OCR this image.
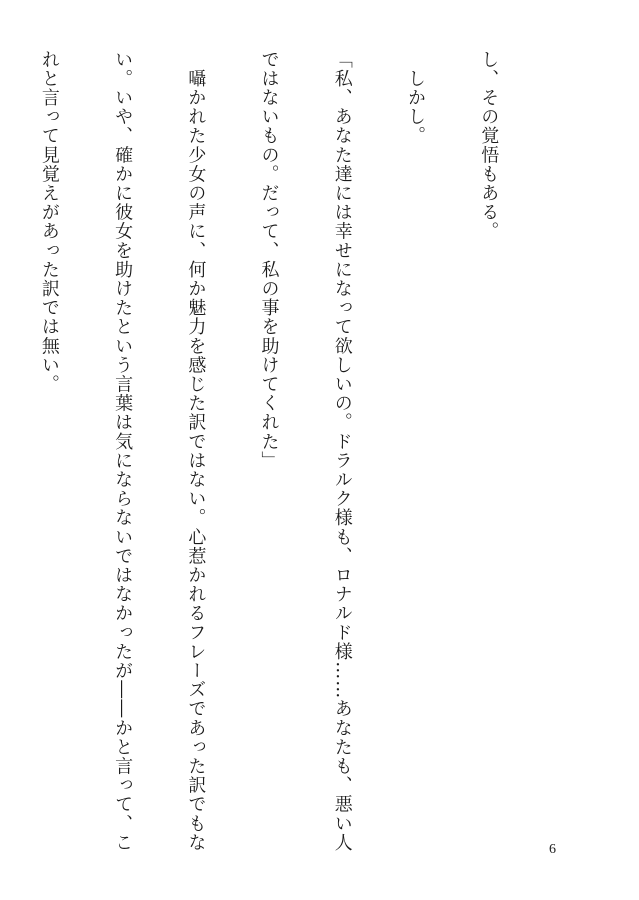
し、その覚悟もある。

　しかし。

「私、あなた達には幸せになって欲しいの。ドラルク様も、ロナルド様……あなたも、悪い人

ではないもの。だって、私の事を助けてくれた」

　囁かれた少女の声に、何か魅力を感じた訳ではない。心惹かれるフレーズであった訳でもな

い。いや、確かに彼女を助けたという言葉は気にならないではなかったが――かと言って、こ

れと言って見覚えがあった訳では無い。

6
